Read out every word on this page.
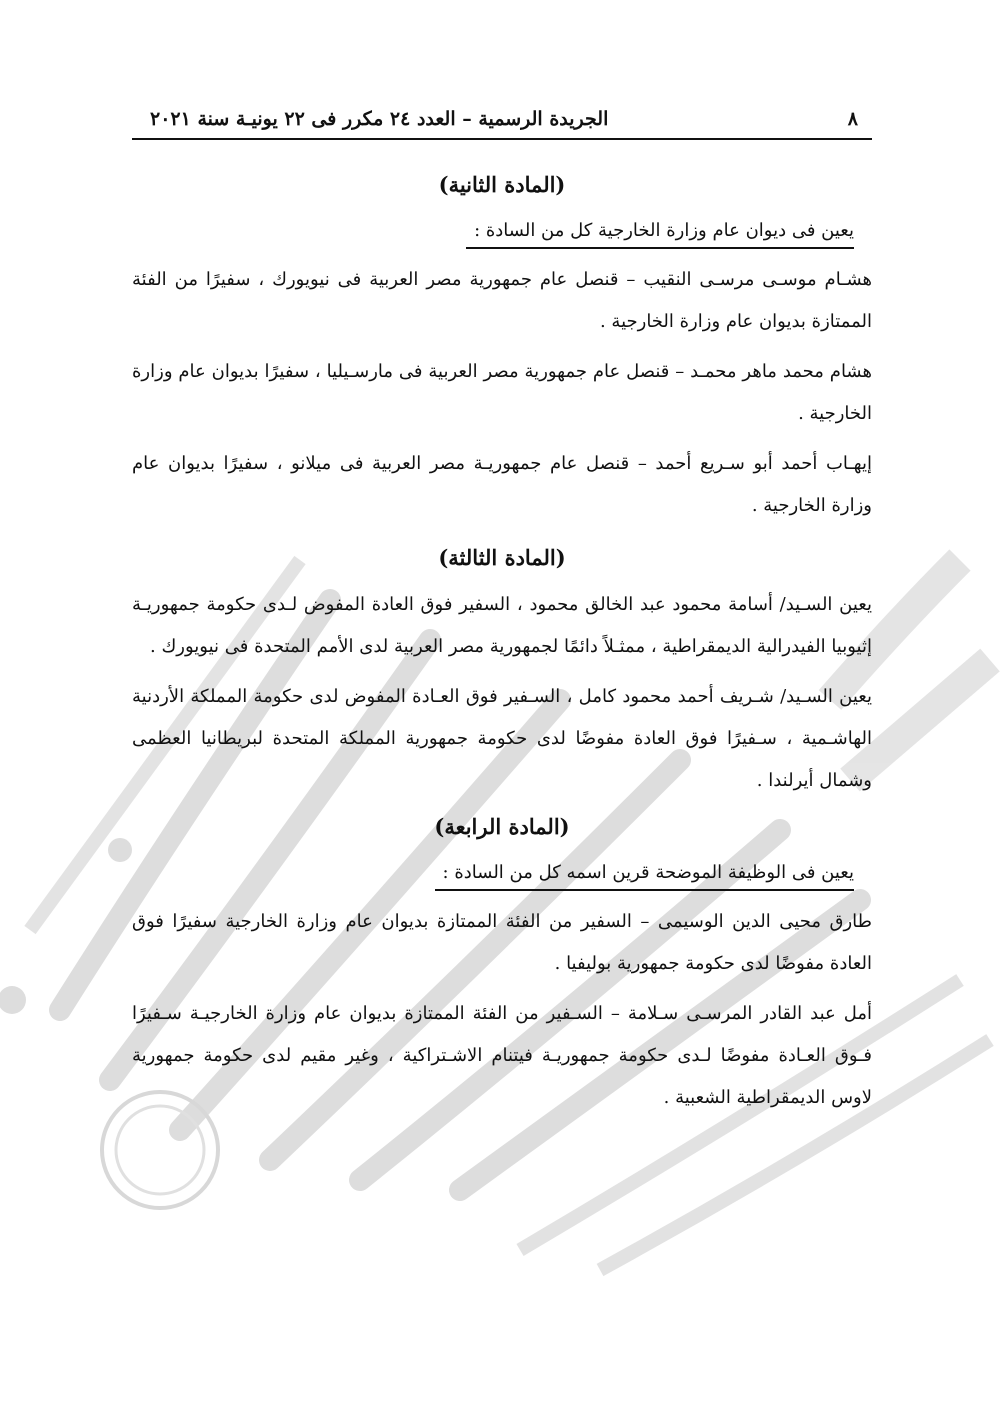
٨
الجريدة الرسمية – العدد ٢٤ مكرر فى ٢٢ يونيـة سنة ٢٠٢١
(المادة الثانية)
يعين فى ديوان عام وزارة الخارجية كل من السادة :

هشـام موسـى مرسـى النقيب – قنصل عام جمهورية مصر العربية فى نيويورك ، سفيرًا من الفئة الممتازة بديوان عام وزارة الخارجية .

هشام محمد ماهر محمـد – قنصل عام جمهورية مصر العربية فى مارسـيليا ، سفيرًا بديوان عام وزارة الخارجية .

إيهـاب أحمد أبو سـريع أحمد – قنصل عام جمهوريـة مصر العربية فى ميلانو ، سفيرًا بديوان عام وزارة الخارجية .

(المادة الثالثة)

يعين السـيد/ أسامة محمود عبد الخالق محمود ، السفير فوق العادة المفوض لـدى حكومة جمهوريـة إثيوبيا الفيدرالية الديمقراطية ، ممثـلاً دائمًا لجمهورية مصر العربية لدى الأمم المتحدة فى نيويورك .

يعين السـيد/ شـريف أحمد محمود كامل ، السـفير فوق العـادة المفوض لدى حكومة المملكة الأردنية الهاشـمية ، سـفيرًا فوق العادة مفوضًا لدى حكومة جمهورية المملكة المتحدة لبريطانيا العظمى وشمال أيرلندا .

(المادة الرابعة)
يعين فى الوظيفة الموضحة قرين اسمه كل من السادة :

طارق محيى الدين الوسيمى – السفير من الفئة الممتازة بديوان عام وزارة الخارجية سفيرًا فوق العادة مفوضًا لدى حكومة جمهورية بوليفيا .

أمل عبد القادر المرسـى سـلامة – السـفير من الفئة الممتازة بديوان عام وزارة الخارجيـة سـفيرًا فـوق العـادة مفوضًا لـدى حكومة جمهوريـة فيتنام الاشـتراكية ، وغير مقيم لدى حكومة جمهورية لاوس الديمقراطية الشعبية .
